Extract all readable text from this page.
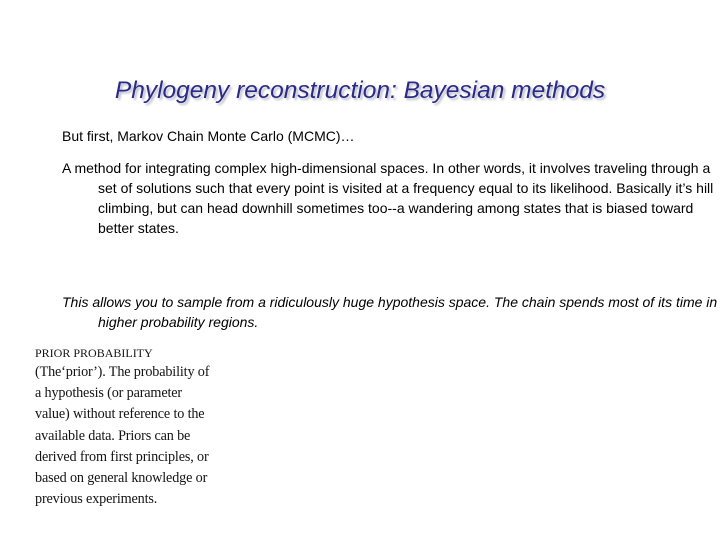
Phylogeny reconstruction: Bayesian methods
But first, Markov Chain Monte Carlo (MCMC)…

A method for integrating complex high-dimensional spaces. In other words, it involves traveling through a set of solutions such that every point is visited at a frequency equal to its likelihood. Basically it’s hill climbing, but can head downhill sometimes too--a wandering among states that is biased toward better states.

This allows you to sample from a ridiculously huge hypothesis space. The chain spends most of its time in higher probability regions.

PRIOR PROBABILITY
(The‘prior’). The probability of
a hypothesis (or parameter
value) without reference to the
available data. Priors can be
derived from first principles, or
based on general knowledge or
previous experiments.
